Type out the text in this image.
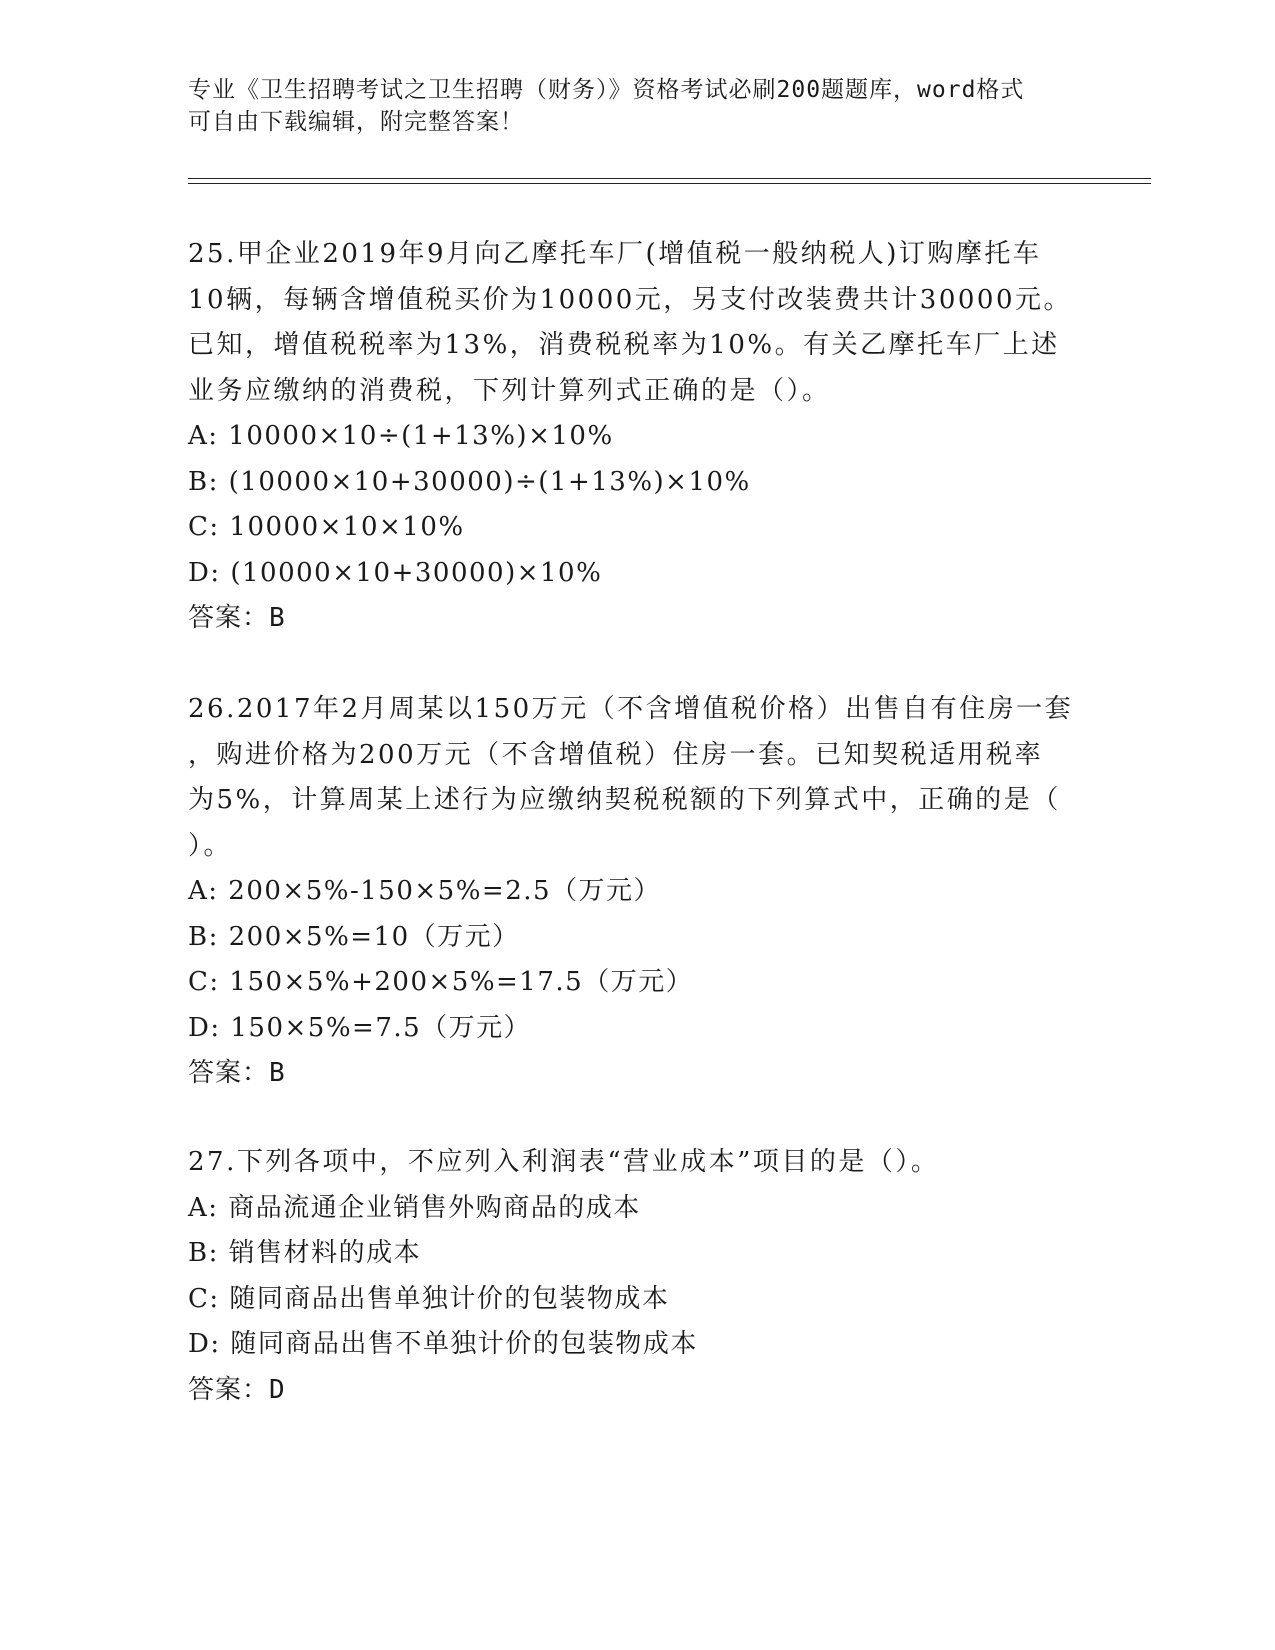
专业《卫生招聘考试之卫生招聘（财务）》资格考试必刷200题题库，word格式
可自由下载编辑，附完整答案！
25.甲企业2019年9月向乙摩托车厂(增值税一般纳税人)订购摩托车
10辆，每辆含增值税买价为10000元，另支付改装费共计30000元。
已知，增值税税率为13%，消费税税率为10%。有关乙摩托车厂上述
业务应缴纳的消费税，下列计算列式正确的是（）。
A: 10000×10÷(1+13%)×10%
B: (10000×10+30000)÷(1+13%)×10%
C: 10000×10×10%
D: (10000×10+30000)×10%
答案：B
26.2017年2月周某以150万元（不含增值税价格）出售自有住房一套
，购进价格为200万元（不含增值税）住房一套。已知契税适用税率
为5%，计算周某上述行为应缴纳契税税额的下列算式中，正确的是（
）。
A: 200×5%-150×5%=2.5（万元）
B: 200×5%=10（万元）
C: 150×5%+200×5%=17.5（万元）
D: 150×5%=7.5（万元）
答案：B
27.下列各项中，不应列入利润表“营业成本”项目的是（）。
A: 商品流通企业销售外购商品的成本
B: 销售材料的成本
C: 随同商品出售单独计价的包装物成本
D: 随同商品出售不单独计价的包装物成本
答案：D
